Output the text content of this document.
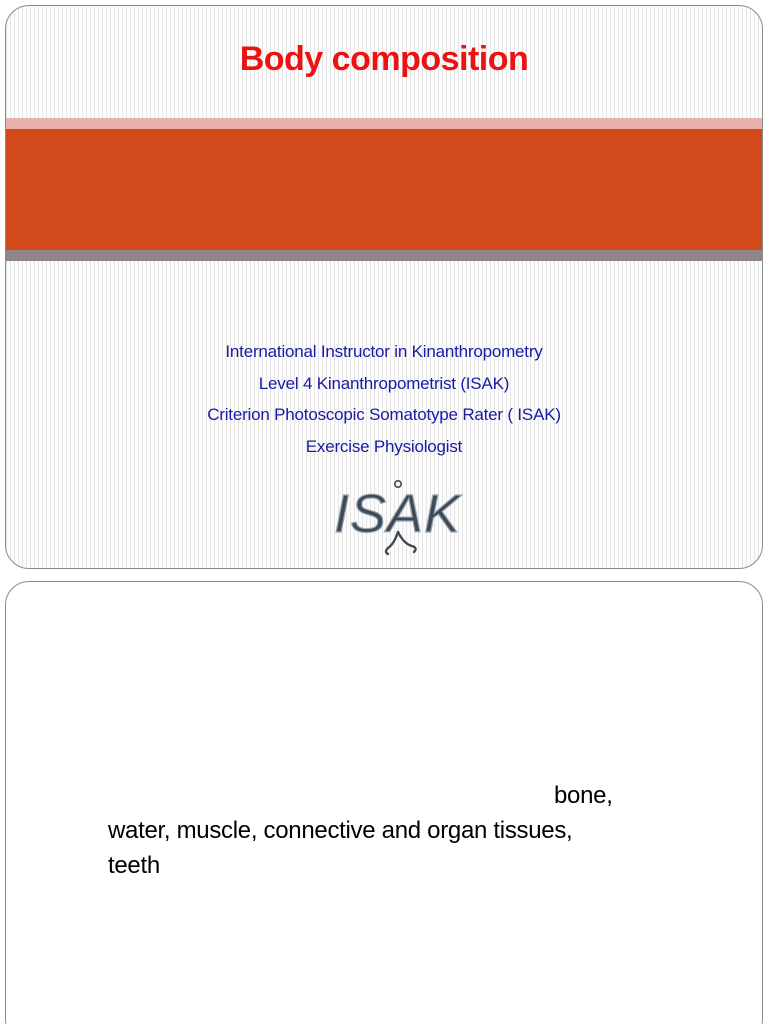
Body composition
International Instructor in Kinanthropometry
Level 4 Kinanthropometrist (ISAK)
Criterion Photoscopic Somatotype Rater ( ISAK)
Exercise Physiologist
ISAK
bone,
water, muscle, connective and organ tissues,
teeth
